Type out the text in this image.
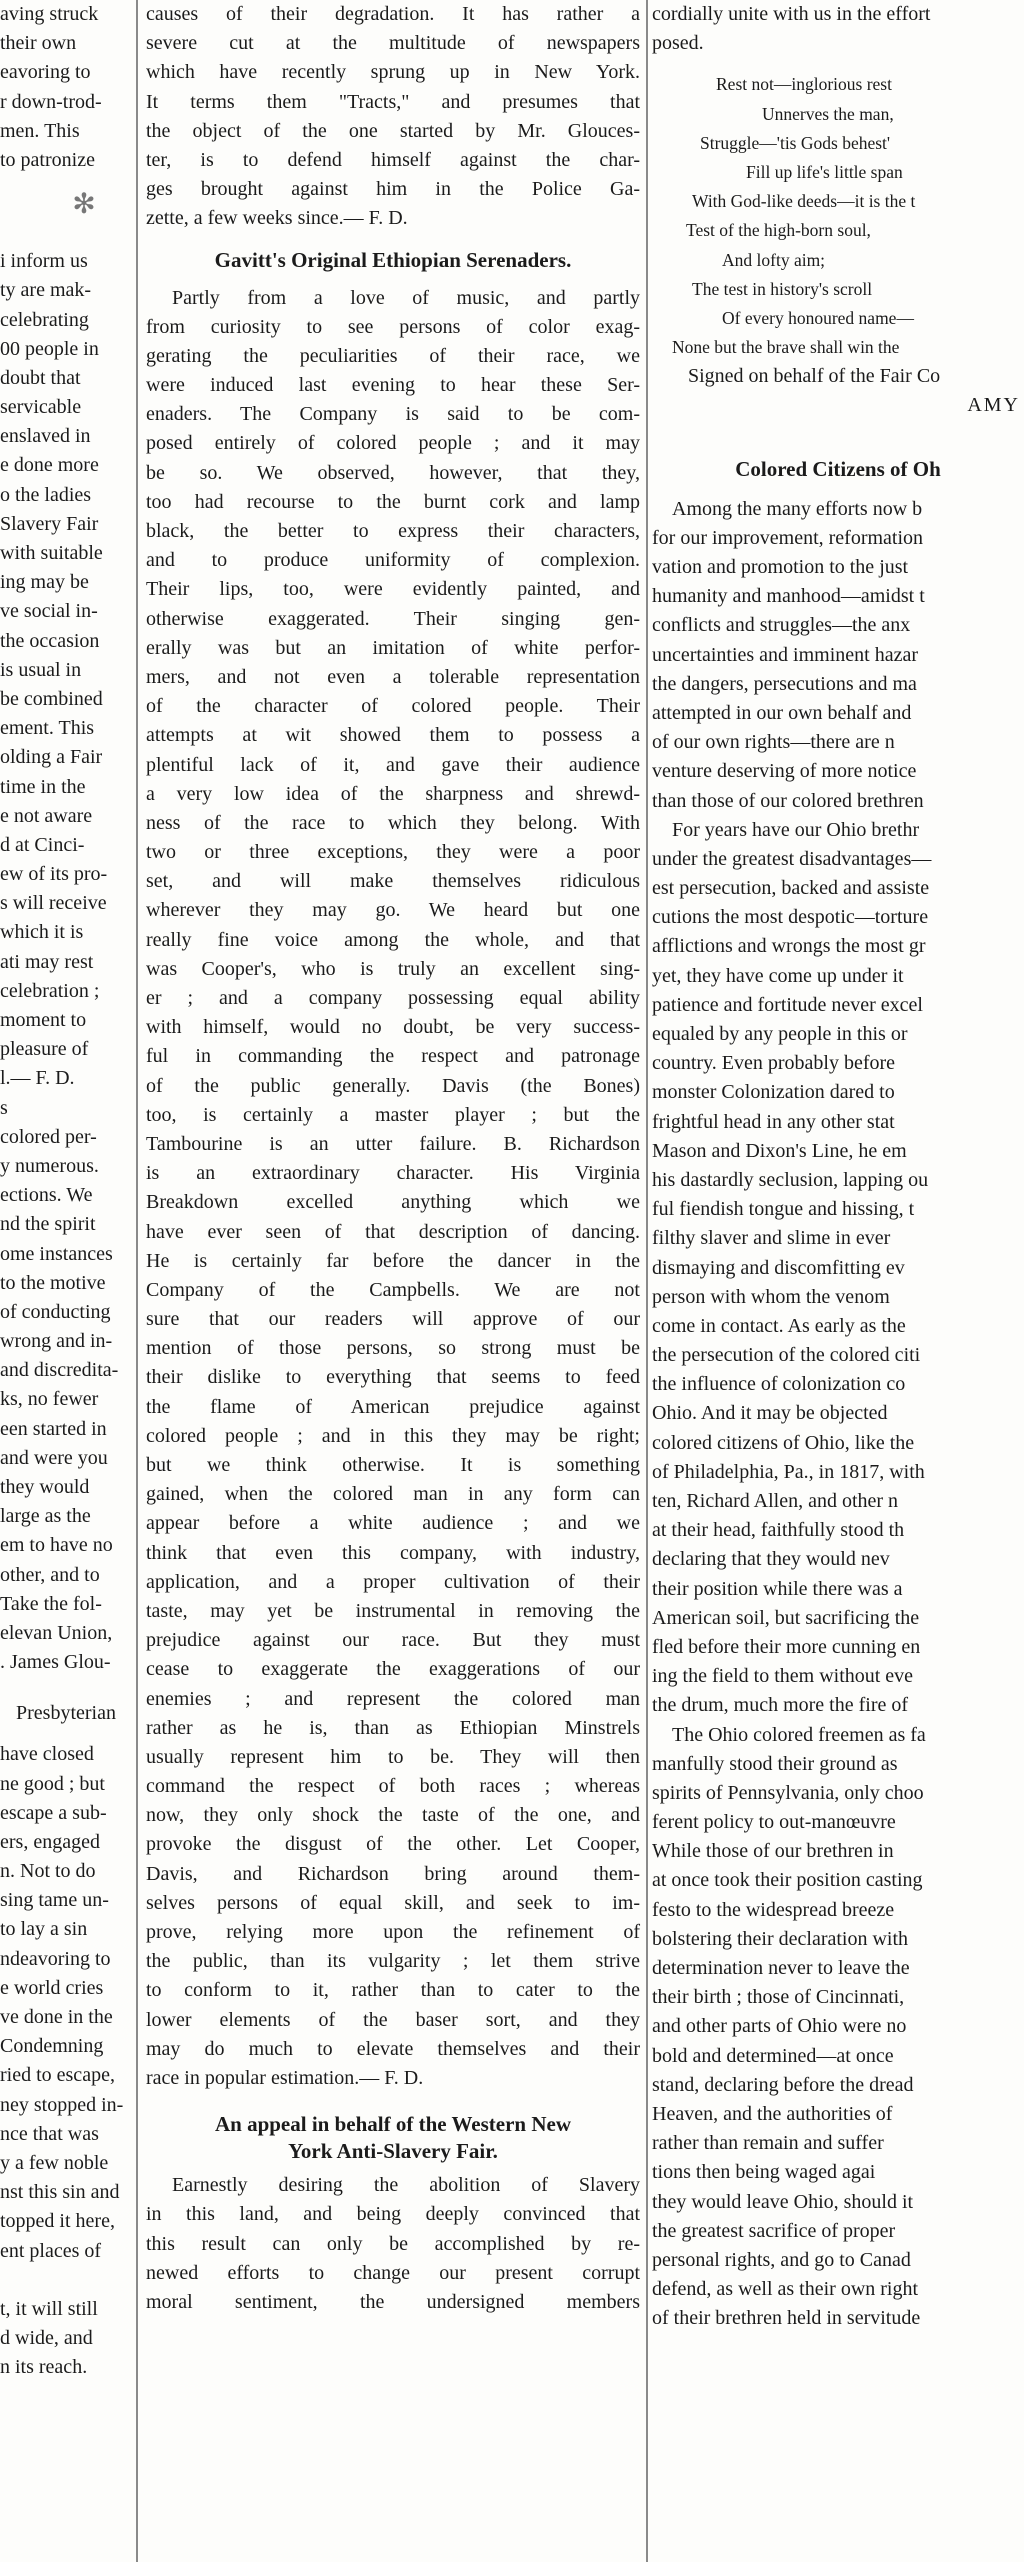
aving struck
their own
eavoring to
r down-trod-
men. This
to patronize
✻
i inform us
ty are mak-
celebrating
00 people in
doubt that
servicable
enslaved in
e done more
o the ladies
Slavery Fair
with suitable
ing may be
ve social in-
the occasion
is usual in
be combined
ement. This
olding a Fair
time in the
e not aware
d at Cinci-
ew of its pro-
s will receive
which it is
ati may rest
celebration ;
moment to
pleasure of
l.— F. D.
s
colored per-
y numerous.
ections. We
nd the spirit
ome instances
to the motive
of conducting
wrong and in-
and discredita-
ks, no fewer
een started in
and were you
they would
large as the
em to have no
other, and to
Take the fol-
elevan Union,
. James Glou-
Presbyterian
have closed
ne good ; but
escape a sub-
ers, engaged
n. Not to do
sing tame un-
to lay a sin
ndeavoring to
e world cries
ve done in the
Condemning
ried to escape,
ney stopped in-
nce that was
y a few noble
nst this sin and
topped it here,
ent places of
t, it will still
d wide, and
n its reach.
causes of their degradation. It has rather a
severe cut at the multitude of newspapers
which have recently sprung up in New York.
It terms them "Tracts," and presumes that
the object of the one started by Mr. Glouces-
ter, is to defend himself against the char-
ges brought against him in the Police Ga-
zette, a few weeks since.— F. D.
Gavitt's Original Ethiopian Serenaders.
Partly from a love of music, and partly
from curiosity to see persons of color exag-
gerating the peculiarities of their race, we
were induced last evening to hear these Ser-
enaders. The Company is said to be com-
posed entirely of colored people ; and it may
be so. We observed, however, that they,
too had recourse to the burnt cork and lamp
black, the better to express their characters,
and to produce uniformity of complexion.
Their lips, too, were evidently painted, and
otherwise exaggerated. Their singing gen-
erally was but an imitation of white perfor-
mers, and not even a tolerable representation
of the character of colored people. Their
attempts at wit showed them to possess a
plentiful lack of it, and gave their audience
a very low idea of the sharpness and shrewd-
ness of the race to which they belong. With
two or three exceptions, they were a poor
set, and will make themselves ridiculous
wherever they may go. We heard but one
really fine voice among the whole, and that
was Cooper's, who is truly an excellent sing-
er ; and a company possessing equal ability
with himself, would no doubt, be very success-
ful in commanding the respect and patronage
of the public generally. Davis (the Bones)
too, is certainly a master player ; but the
Tambourine is an utter failure. B. Richardson
is an extraordinary character. His Virginia
Breakdown excelled anything which we
have ever seen of that description of dancing.
He is certainly far before the dancer in the
Company of the Campbells. We are not
sure that our readers will approve of our
mention of those persons, so strong must be
their dislike to everything that seems to feed
the flame of American prejudice against
colored people ; and in this they may be right;
but we think otherwise. It is something
gained, when the colored man in any form can
appear before a white audience ; and we
think that even this company, with industry,
application, and a proper cultivation of their
taste, may yet be instrumental in removing the
prejudice against our race. But they must
cease to exaggerate the exaggerations of our
enemies ; and represent the colored man
rather as he is, than as Ethiopian Minstrels
usually represent him to be. They will then
command the respect of both races ; whereas
now, they only shock the taste of the one, and
provoke the disgust of the other. Let Cooper,
Davis, and Richardson bring around them-
selves persons of equal skill, and seek to im-
prove, relying more upon the refinement of
the public, than its vulgarity ; let them strive
to conform to it, rather than to cater to the
lower elements of the baser sort, and they
may do much to elevate themselves and their
race in popular estimation.— F. D.
An appeal in behalf of the Western New
York Anti-Slavery Fair.
Earnestly desiring the abolition of Slavery
in this land, and being deeply convinced that
this result can only be accomplished by re-
newed efforts to change our present corrupt
moral sentiment, the undersigned members
cordially unite with us in the effort
posed.
Rest not—inglorious rest
Unnerves the man,
Struggle—'tis Gods behest'
Fill up life's little span
With God-like deeds—it is the t
Test of the high-born soul,
And lofty aim;
The test in history's scroll
Of every honoured name—
None but the brave shall win the
Signed on behalf of the Fair Co
AMY
Colored Citizens of Oh
Among the many efforts now b
for our improvement, reformation
vation and promotion to the just
humanity and manhood—amidst t
conflicts and struggles—the anx
uncertainties and imminent hazar
the dangers, persecutions and ma
attempted in our own behalf and
of our own rights—there are n
venture deserving of more notice
than those of our colored brethren
For years have our Ohio brethr
under the greatest disadvantages—
est persecution, backed and assiste
cutions the most despotic—torture
afflictions and wrongs the most gr
yet, they have come up under it
patience and fortitude never excel
equaled by any people in this or
country. Even probably before
monster Colonization dared to
frightful head in any other stat
Mason and Dixon's Line, he em
his dastardly seclusion, lapping ou
ful fiendish tongue and hissing, t
filthy slaver and slime in ever
dismaying and discomfitting ev
person with whom the venom
come in contact. As early as the
the persecution of the colored citi
the influence of colonization co
Ohio. And it may be objected
colored citizens of Ohio, like the
of Philadelphia, Pa., in 1817, with
ten, Richard Allen, and other n
at their head, faithfully stood th
declaring that they would nev
their position while there was a
American soil, but sacrificing the
fled before their more cunning en
ing the field to them without eve
the drum, much more the fire of
The Ohio colored freemen as fa
manfully stood their ground as
spirits of Pennsylvania, only choo
ferent policy to out-manœuvre
While those of our brethren in
at once took their position casting
festo to the widespread breeze
bolstering their declaration with
determination never to leave the
their birth ; those of Cincinnati,
and other parts of Ohio were no
bold and determined—at once
stand, declaring before the dread
Heaven, and the authorities of
rather than remain and suffer
tions then being waged agai
they would leave Ohio, should it
the greatest sacrifice of proper
personal rights, and go to Canad
defend, as well as their own right
of their brethren held in servitude
